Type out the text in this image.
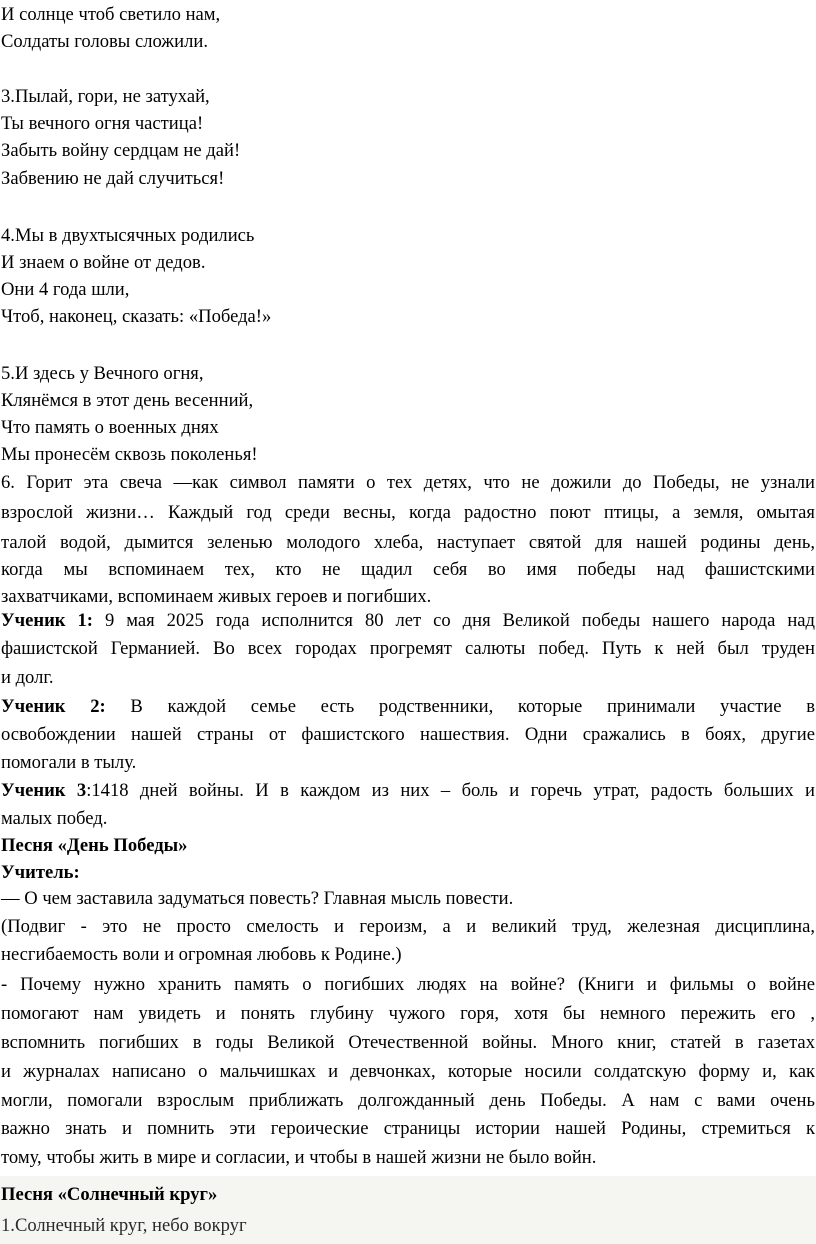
И солнце чтоб светило нам,

Солдаты головы сложили.

3.Пылай, гори, не затухай,

Ты вечного огня частица!

Забыть войну сердцам не дай!

Забвению не дай случиться!

4.Мы в двухтысячных родились

И знаем о войне от дедов.

Они 4 года шли,

Чтоб, наконец, сказать: «Победа!»

5.И здесь у Вечного огня,

Клянёмся в этот день весенний,

Что память о военных днях

Мы пронесём сквозь поколенья!

6. Горит эта свеча —как символ памяти о тех детях, что не дожили до Победы, не узнали

взрослой жизни… Каждый год среди весны, когда радостно поют птицы, а земля, омытая

талой водой, дымится зеленью молодого хлеба, наступает святой для нашей родины день,

когда мы вспоминаем тех, кто не щадил себя во имя победы над фашистскими

захватчиками, вспоминаем живых героев и погибших.

Ученик 1: 9 мая 2025 года исполнится 80 лет со дня Великой победы нашего народа над

фашистской Германией. Во всех городах прогремят салюты побед. Путь к ней был труден

и долг.

Ученик 2: В каждой семье есть родственники, которые принимали участие в

освобождении нашей страны от фашистского нашествия. Одни сражались в боях, другие

помогали в тылу.

Ученик 3:1418 дней войны. И в каждом из них – боль и горечь утрат, радость больших и

малых побед.

Песня «День Победы»

Учитель:

— О чем заставила задуматься повесть? Главная мысль повести.

(Подвиг - это не просто смелость и героизм, а и великий труд, железная дисциплина,

несгибаемость воли и огромная любовь к Родине.)

- Почему нужно хранить память о погибших людях на войне? (Книги и фильмы о войне

помогают нам увидеть и понять глубину чужого горя, хотя бы немного пережить его ,

вспомнить погибших в годы Великой Отечественной войны. Много книг, статей в газетах

и журналах написано о мальчишках и девчонках, которые носили солдатскую форму и, как

могли, помогали взрослым приближать долгожданный день Победы. А нам с вами очень

важно знать и помнить эти героические страницы истории нашей Родины, стремиться к

тому, чтобы жить в мире и согласии, и чтобы в нашей жизни не было войн.

Песня «Солнечный круг»

1.Солнечный круг, небо вокруг
